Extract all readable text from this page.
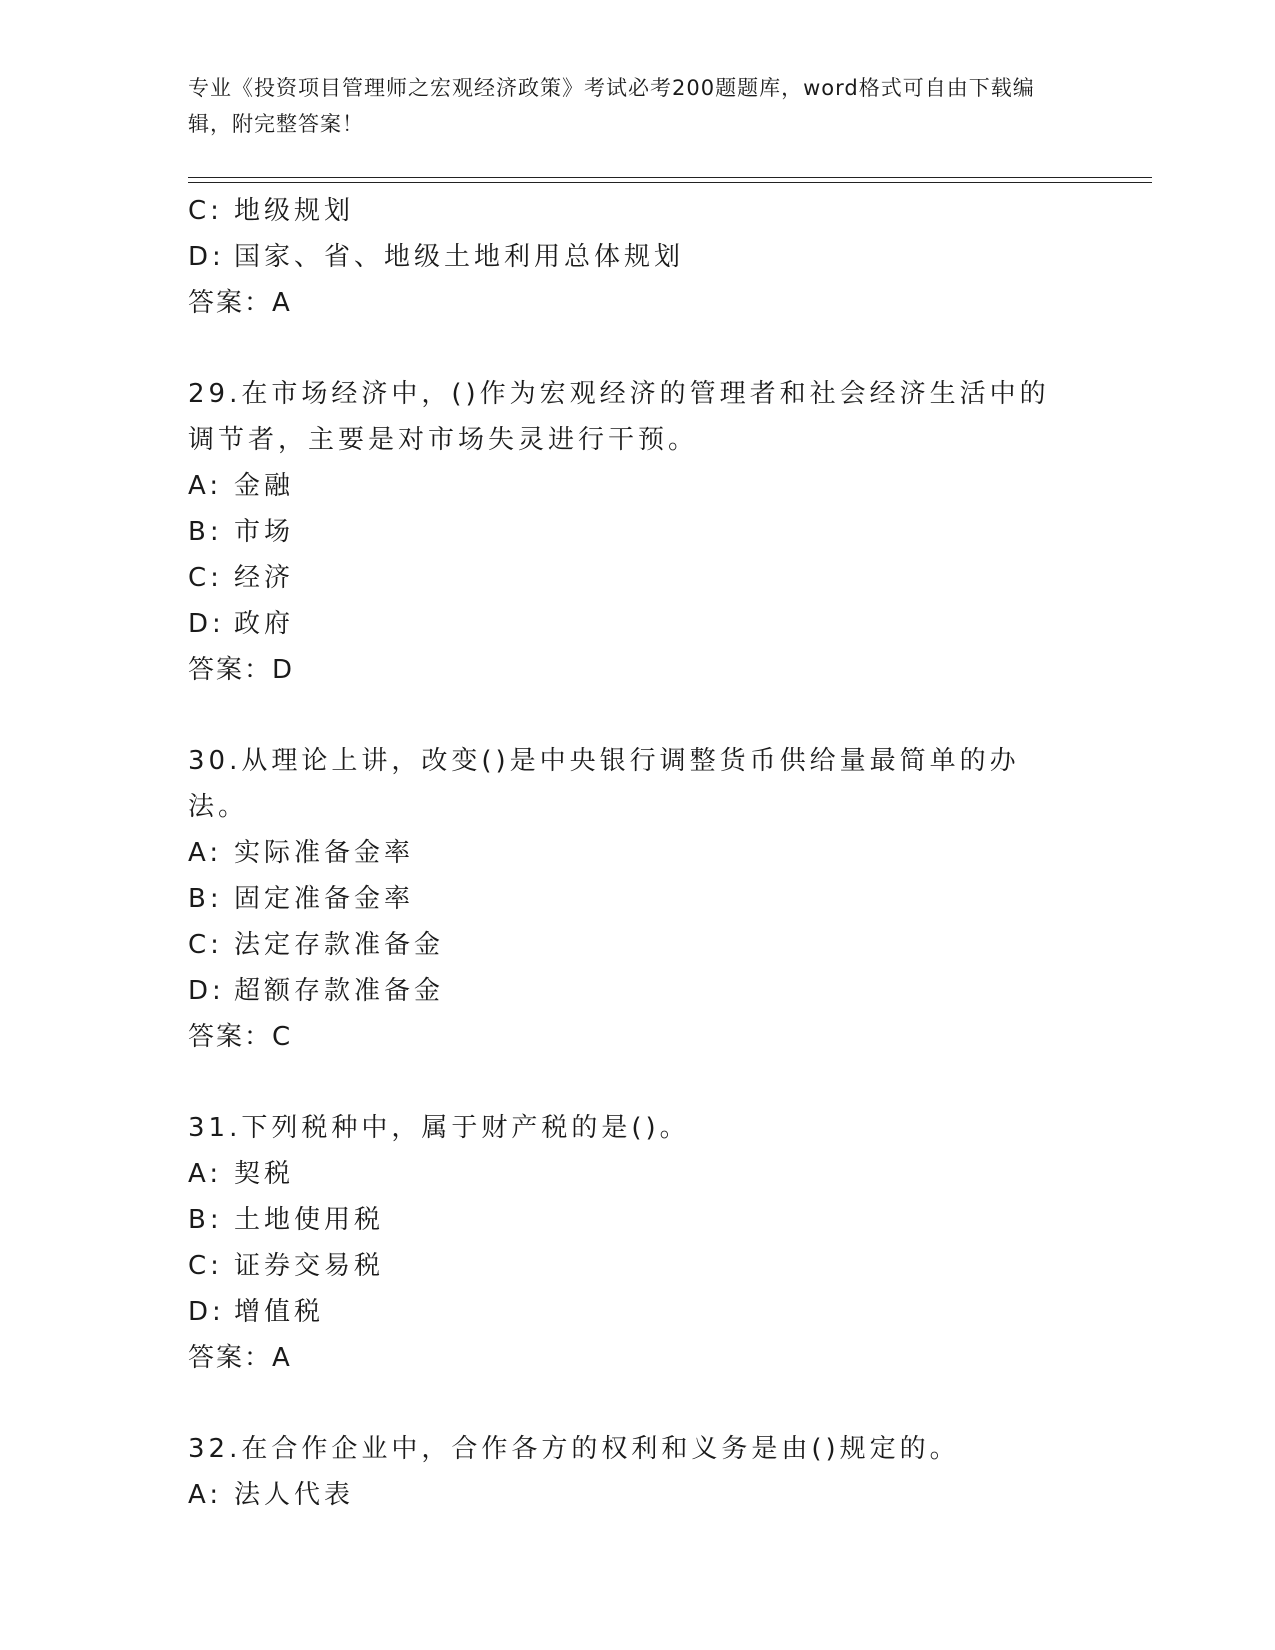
专业《投资项目管理师之宏观经济政策》考试必考200题题库，word格式可自由下载编辑，附完整答案！
C: 地级规划
D: 国家、省、地级土地利用总体规划
答案：A
29.在市场经济中，()作为宏观经济的管理者和社会经济生活中的调节者，主要是对市场失灵进行干预。
A: 金融
B: 市场
C: 经济
D: 政府
答案：D
30.从理论上讲，改变()是中央银行调整货币供给量最简单的办法。
A: 实际准备金率
B: 固定准备金率
C: 法定存款准备金
D: 超额存款准备金
答案：C
31.下列税种中，属于财产税的是()。
A: 契税
B: 土地使用税
C: 证券交易税
D: 增值税
答案：A
32.在合作企业中，合作各方的权利和义务是由()规定的。
A: 法人代表
